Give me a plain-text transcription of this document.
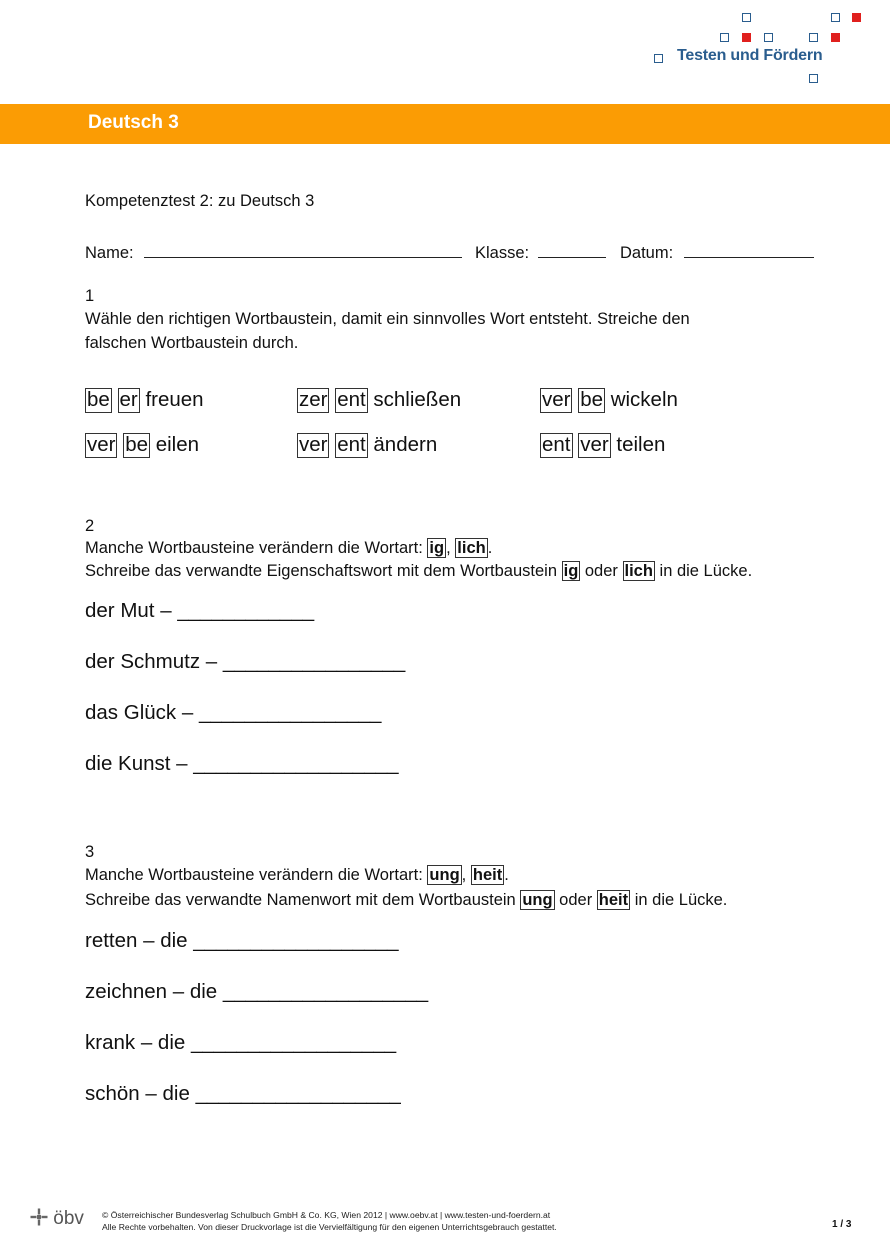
Testen und Fördern
Deutsch 3
Kompetenztest 2: zu Deutsch 3
Name:	Klasse:	Datum:
1
Wähle den richtigen Wortbaustein, damit ein sinnvolles Wort entsteht. Streiche den
falschen Wortbaustein durch.
be er freuen	zer ent schließen	ver be wickeln
ver be eilen	ver ent ändern	ent ver teilen
2
Manche Wortbausteine verändern die Wortart: ig , lich .
Schreibe das verwandte Eigenschaftswort mit dem Wortbaustein ig oder lich in die Lücke.
der Mut – ____________
der Schmutz – ________________
das Glück – ________________
die Kunst – __________________
3
Manche Wortbausteine verändern die Wortart: ung , heit .
Schreibe das verwandte Namenwort mit dem Wortbaustein ung oder heit in die Lücke.
retten – die __________________
zeichnen – die __________________
krank – die __________________
schön – die __________________
öbv © Österreichischer Bundesverlag Schulbuch GmbH & Co. KG, Wien 2012 | www.oebv.at | www.testen-und-foerdern.at
Alle Rechte vorbehalten. Von dieser Druckvorlage ist die Vervielfältigung für den eigenen Unterrichtsgebrauch gestattet.	1 / 3
